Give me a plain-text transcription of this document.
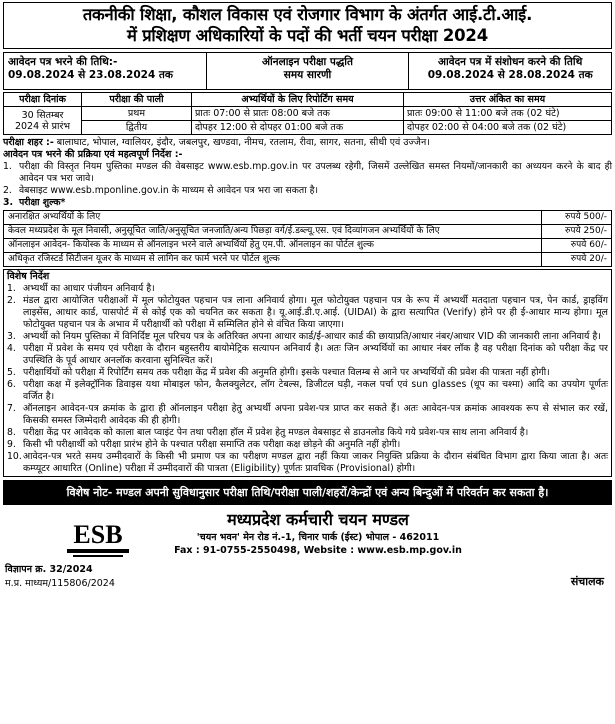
तकनीकी शिक्षा, कौशल विकास एवं रोजगार विभाग के अंतर्गत आई.टी.आई.
में प्रशिक्षण अधिकारियों के पदों की भर्ती चयन परीक्षा 2024
आवेदन पत्र भरने की तिथि:-
09.08.2024 से 23.08.2024 तक
ऑनलाइन परीक्षा पद्धति
समय सारणी
आवेदन पत्र में संशोधन करने की तिथि
09.08.2024 से 28.08.2024 तक
परीक्षा दिनांक	परीक्षा की पाली	अभ्यर्थियों के लिए रिपोर्टिंग समय	उत्तर अंकित का समय

30 सितम्बर
2024 से प्रारंभ	प्रथम	प्रातः 07:00 से प्रातः 08:00 बजे तक	प्रातः 09:00 से 11:00 बजे तक (02 घंटे)
	द्वितीय	दोपहर 12:00 से दोपहर 01:00 बजे तक	दोपहर 02:00 से 04:00 बजे तक (02 घंटे)
परीक्षा शहर :- बालाघाट, भोपाल, ग्वालियर, इंदौर, जबलपुर, खण्डवा, नीमच, रतलाम, रीवा, सागर, सतना, सीधी एवं उज्जैन।
आवेदन पत्र भरने की प्रक्रिया एवं महत्वपूर्ण निर्देश :-
1. परीक्षा की विस्तृत नियम पुस्तिका मण्डल की वेबसाइट www.esb.mp.gov.in पर उपलब्ध रहेगी, जिसमें उल्लेखित समस्त नियमों/जानकारी का अध्ययन करने के बाद ही आवेदन पत्र भरा जावे।
2. वेबसाइट www.esb.mponline.gov.in के माध्यम से आवेदन पत्र भरा जा सकता है।
3. परीक्षा शुल्क*
अनारक्षित अभ्यर्थियों के लिए	रुपये 500/-
केवल मध्यप्रदेश के मूल निवासी, अनुसूचित जाति/अनुसूचित जनजाति/अन्य पिछड़ा वर्ग/ई.डब्ल्यू.एस. एवं दिव्यांगजन अभ्यर्थियों के लिए	रुपये 250/-
ऑनलाइन आवेदन- कियोस्क के माध्यम से ऑनलाइन भरने वाले अभ्यर्थियों हेतु एम.पी. ऑनलाइन का पोर्टल शुल्क	रुपये 60/-
अधिकृत रजिस्टर्ड सिटीजन यूजर के माध्यम से लागिन कर फार्म भरने पर पोर्टल शुल्क	रुपये 20/-
विशेष निर्देश
1. अभ्यर्थी का आधार पंजीयन अनिवार्य है।
2. मंडल द्वारा आयोजित परीक्षाओं में मूल फोटोयुक्त पहचान पत्र लाना अनिवार्य होगा। मूल फोटोयुक्त पहचान पत्र के रूप में अभ्यर्थी मतदाता पहचान पत्र, पेन कार्ड, ड्राइविंग लाइसेंस, आधार कार्ड, पासपोर्ट में से कोई एक को चयनित कर सकता है। यू.आई.डी.ए.आई. (UIDAI) के द्वारा सत्यापित (Verify) होने पर ही ई-आधार मान्य होगा। मूल फोटोयुक्त पहचान पत्र के अभाव में परीक्षार्थी को परीक्षा में सम्मिलित होने से वंचित किया जाएगा।
3. अभ्यर्थी को नियम पुस्तिका में विनिर्दिष्ट मूल परिचय पत्र के अतिरिक्त अपना आधार कार्ड/ई-आधार कार्ड की छायाप्रति/आधार नंबर/आधार VID की जानकारी लाना अनिवार्य है।
4. परीक्षा में प्रवेश के समय एवं परीक्षा के दौरान बहुस्तरीय बायोमेट्रिक सत्यापन अनिवार्य है। अतः जिन अभ्यर्थियों का आधार नंबर लॉक है वह परीक्षा दिनांक को परीक्षा केंद्र पर उपस्थिति के पूर्व आधार अनलॉक करवाना सुनिश्चित करें।
5. परीक्षार्थियों को परीक्षा में रिपोर्टिंग समय तक परीक्षा केंद्र में प्रवेश की अनुमति होगी। इसके पश्चात विलम्ब से आने पर अभ्यर्थियों की प्रवेश की पात्रता नहीं होगी।
6. परीक्षा कक्ष में इलेक्ट्रॉनिक डिवाइस यथा मोबाइल फोन, कैलक्युलेटर, लॉग टेबल्स, डिजीटल घड़ी, नकल पर्चा एवं sun glasses (धूप का चश्मा) आदि का उपयोग पूर्णतः वर्जित है।
7. ऑनलाइन आवेदन-पत्र क्रमांक के द्वारा ही ऑनलाइन परीक्षा हेतु अभ्यर्थी अपना प्रवेश-पत्र प्राप्त कर सकते हैं। अतः आवेदन-पत्र क्रमांक आवश्यक रूप से संभाल कर रखें, किसकी समस्त जिम्मेदारी आवेदक की ही होगी।
8. परीक्षा केंद्र पर आवेदक को काला बाल प्वाइंट पेन तथा परीक्षा हॉल में प्रवेश हेतु मण्डल वेबसाइट से डाउनलोड किये गये प्रवेश-पत्र साथ लाना अनिवार्य है।
9. किसी भी परीक्षार्थी को परीक्षा प्रारंभ होने के पश्चात परीक्षा समाप्ति तक परीक्षा कक्ष छोड़ने की अनुमति नहीं होगी।
10. आवेदन-पत्र भरते समय उम्मीदवारों के किसी भी प्रमाण पत्र का परीक्षण मण्डल द्वारा नहीं किया जाकर नियुक्ति प्रक्रिया के दौरान संबंधित विभाग द्वारा किया जाता है। अतः कम्प्यूटर आधारित (Online) परीक्षा में उम्मीदवारों की पात्रता (Eligibility) पूर्णतः प्रावधिक (Provisional) होगी।
विशेष नोट- मण्डल अपनी सुविधानुसार परीक्षा तिथि/परीक्षा पाली/शहरों/केन्द्रों एवं अन्य बिन्दुओं में परिवर्तन कर सकता है।
ESB
मध्यप्रदेश कर्मचारी चयन मण्डल
'चयन भवन' मेन रोड नं.-1, चिनार पार्क (ईस्ट) भोपाल - 462011
Fax : 91-0755-2550498, Website : www.esb.mp.gov.in
विज्ञापन क्र. 32/2024
म.प्र. माध्यम/115806/2024	संचालक
